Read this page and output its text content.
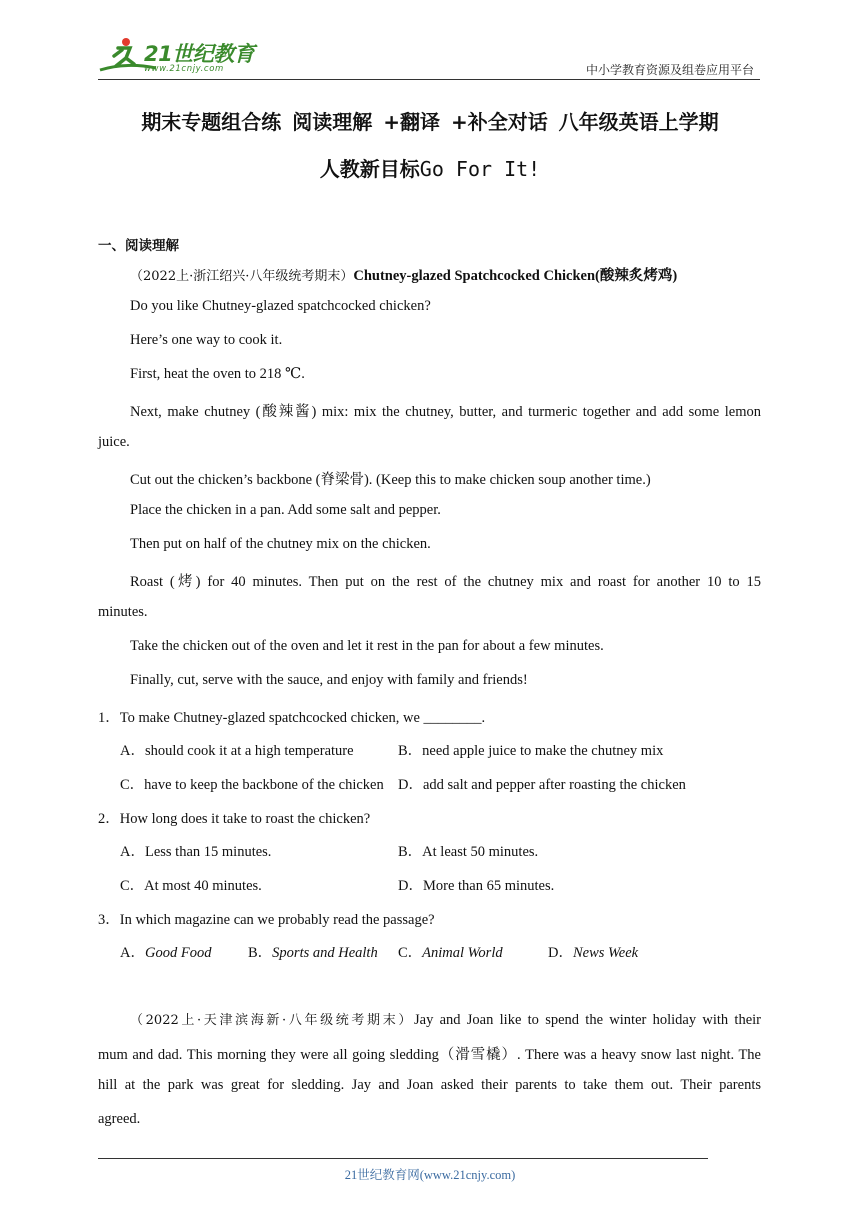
21世纪教育
www.21cnjy.com	中小学教育资源及组卷应用平台
期末专题组合练 阅读理解 +翻译 +补全对话 八年级英语上学期
人教新目标Go For It!
一、阅读理解
（2022上·浙江绍兴·八年级统考期末）Chutney-glazed Spatchcocked Chicken(酸辣炙烤鸡)
Do you like Chutney-glazed spatchcocked chicken?
Here’s one way to cook it.
First, heat the oven to 218 ℃.
Next, make chutney (酸辣酱) mix: mix the chutney, butter, and turmeric together and add some lemon
juice.
Cut out the chicken’s backbone (脊梁骨). (Keep this to make chicken soup another time.)
Place the chicken in a pan. Add some salt and pepper.
Then put on half of the chutney mix on the chicken.
Roast (烤) for 40 minutes. Then put on the rest of the chutney mix and roast for another 10 to 15
minutes.
Take the chicken out of the oven and let it rest in the pan for about a few minutes.
Finally, cut, serve with the sauce, and enjoy with family and friends!
1．To make Chutney-glazed spatchcocked chicken, we ________.
A．should cook it at a high temperature	B．need apple juice to make the chutney mix
C．have to keep the backbone of the chicken D．add salt and pepper after roasting the chicken
2．How long does it take to roast the chicken?
A．Less than 15 minutes.	B．At least 50 minutes.
C．At most 40 minutes.	D．More than 65 minutes.
3．In which magazine can we probably read the passage?
A．Good Food	B．Sports and Health C．Animal World	D．News Week
（2022上·天津滨海新·八年级统考期末）Jay and Joan like to spend the winter holiday with their
mum and dad. This morning they were all going sledding（滑雪橇）. There was a heavy snow last night. The
hill at the park was great for sledding. Jay and Joan asked their parents to take them out. Their parents
agreed.
21世纪教育网(www.21cnjy.com)
